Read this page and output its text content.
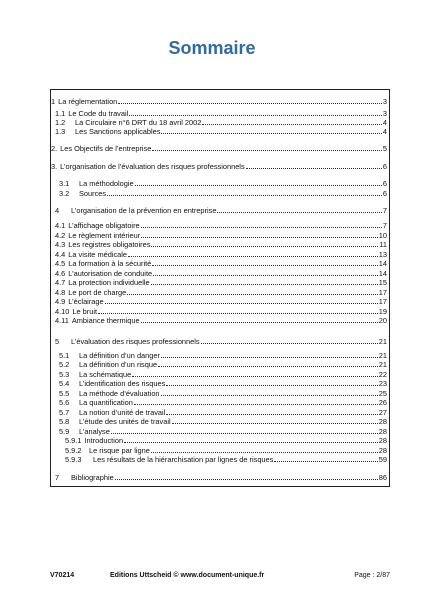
Sommaire
1 La réglementation	3
1.1 Le Code du travail	3
1.2 La Circulaire n°6 DRT du 18 avril 2002	4
1.3 Les Sanctions applicables	4
2. Les Objectifs de l’entreprise	5
3. L’organisation de l’évaluation des risques professionnels	6
3.1 La méthodologie	6
3.2 Sources	6
4 L’organisation de la prévention en entreprise	7
4.1 L’affichage obligatoire	7
4.2 Le règlement intérieur	10
4.3 Les registres obligatoires	11
4.4 La visite médicale	13
4.5 La formation à la sécurité	14
4.6 L’autorisation de conduite	14
4.7 La protection individuelle	15
4.8 Le port de charge	17
4.9 L’éclairage	17
4.10 Le bruit	19
4.11 Ambiance thermique	20
5 L’évaluation des risques professionnels	21
5.1 La définition d’un danger	21
5.2 La définition d’un risque	21
5.3 La schématique	22
5.4 L’identification des risques	23
5.5 La méthode d’évaluation	25
5.6 La quantification	26
5.7 La notion d’unité de travail	27
5.8 L’étude des unités de travail	28
5.9 L’analyse	28
5.9.1 Introduction	28
5.9.2 Le risque par ligne	28
5.9.3 Les résultats de la hiérarchisation par lignes de risques	59
7 Bibliographie	86
V70214	Editions Uttscheid © www.document-unique.fr	Page : 2/87
